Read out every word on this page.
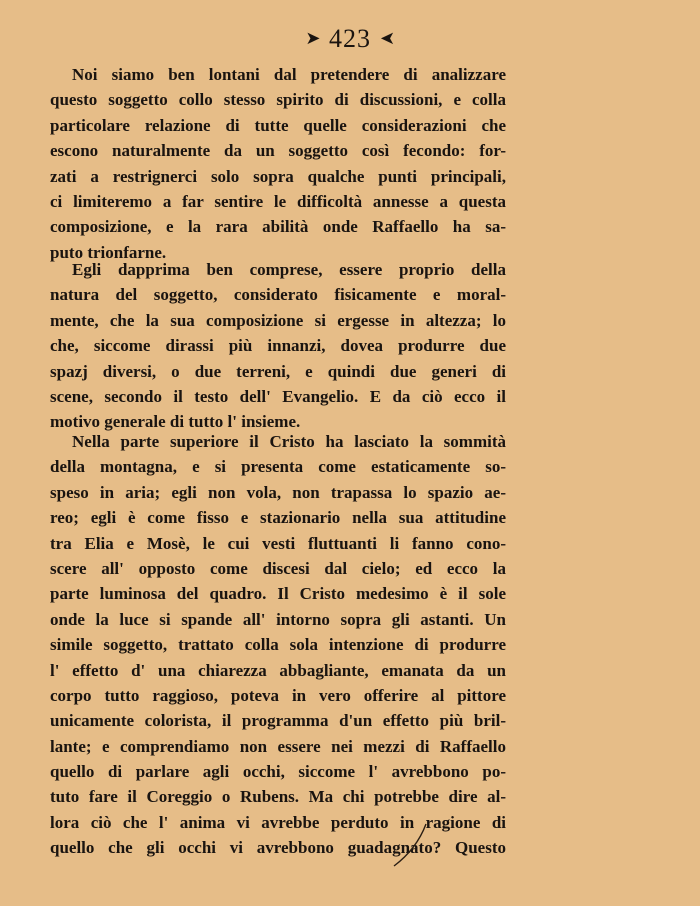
➤ 423 ➤
Noi siamo ben lontani dal pretendere di analizzare
questo soggetto collo stesso spirito di discussioni, e colla
particolare relazione di tutte quelle considerazioni che
escono naturalmente da un soggetto così fecondo: for-
zati a restrignerci solo sopra qualche punti principali,
ci limiteremo a far sentire le difficoltà annesse a questa
composizione, e la rara abilità onde Raffaello ha sa-
puto trionfarne.
Egli dapprima ben compresе, essere proprio della
natura del soggetto, considerato fisicamente e moral-
mente, che la sua composizione si ergesse in altezza; lo
che, siccome dirassi più innanzi, dovea produrre due
spazj diversi, o due terreni, e quindi due generi di
scene, secondo il testo dell' Evangelio. E da ciò ecco il
motivo generale di tutto l' insieme.
Nella parte superiore il Cristo ha lasciato la sommità
della montagna, e si presenta come estaticamente so-
speso in aria; egli non vola, non trapassa lo spazio ae-
reo; egli è come fisso e stazionario nella sua attitudine
tra Elia e Mosè, le cui vesti fluttuanti li fanno cono-
scere all' opposto come discesi dal cielo; ed ecco la
parte luminosa del quadro. Il Cristo medesimo è il sole
onde la luce si spande all' intorno sopra gli astanti. Un
simile soggetto, trattato colla sola intenzione di produrre
l' effetto d' una chiarezza abbagliante, emanata da un
corpo tutto raggioso, poteva in vero offerire al pittore
unicamente colorista, il programma d'un effetto più bril-
lante; e comprendiamo non essere nei mezzi di Raffaello
quello di parlare agli occhi, siccome l' avrebbono po-
tuto fare il Coreggio o Rubens. Ma chi potrebbe dire al-
lora ciò che l' anima vi avrebbe perduto in ragione di
quello che gli occhi vi avrebbono guadagnato? Questo
